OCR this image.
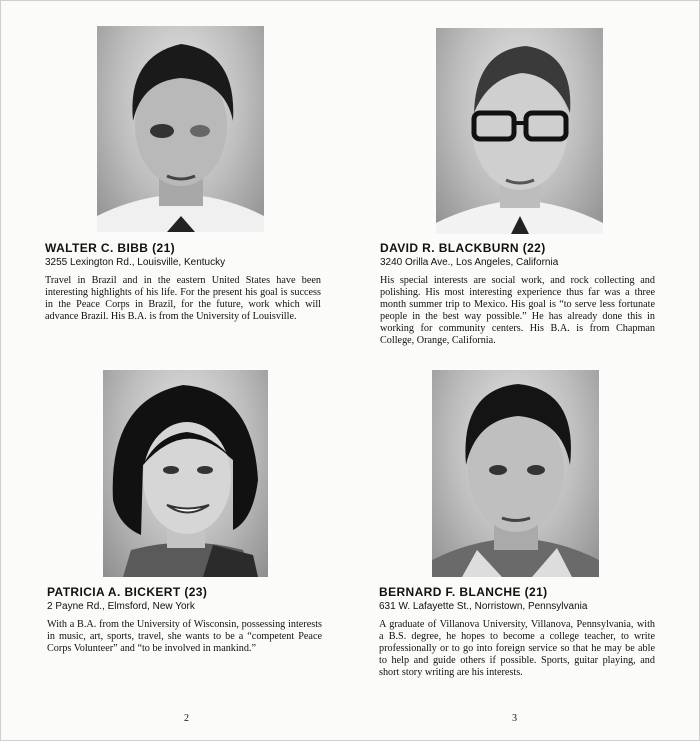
WALTER C. BIBB (21)

3255 Lexington Rd., Louisville, Kentucky

Travel in Brazil and in the eastern United States have been interesting highlights of his life. For the present his goal is success in the Peace Corps in Brazil, for the future, work which will advance Brazil. His B.A. is from the University of Louisville.

DAVID R. BLACKBURN (22)

3240 Orilla Ave., Los Angeles, California

His special interests are social work, and rock collecting and polishing. His most interesting experience thus far was a three month summer trip to Mexico. His goal is “to serve less fortunate people in the best way possible.” He has already done this in working for community centers. His B.A. is from Chapman College, Orange, California.

PATRICIA A. BICKERT (23)

2 Payne Rd., Elmsford, New York

With a B.A. from the University of Wisconsin, possessing interests in music, art, sports, travel, she wants to be a “competent Peace Corps Volunteer” and “to be involved in mankind.”

BERNARD F. BLANCHE (21)

631 W. Lafayette St., Norristown, Pennsylvania

A graduate of Villanova University, Villanova, Pennsylvania, with a B.S. degree, he hopes to become a college teacher, to write professionally or to go into foreign service so that he may be able to help and guide others if possible. Sports, guitar playing, and short story writing are his interests.

2	3
